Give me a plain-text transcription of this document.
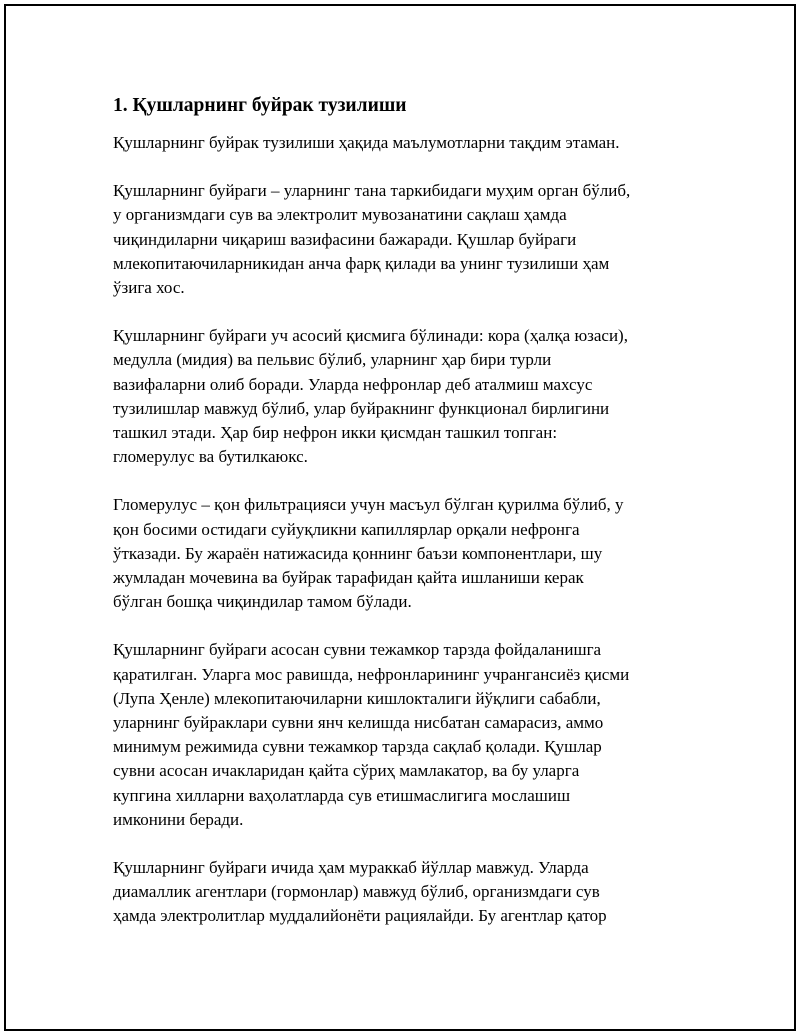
1. Қушларнинг буйрак тузилиши
Қушларнинг буйрак тузилиши ҳақида маълумотларни тақдим этаман.
Қушларнинг буйраги – уларнинг тана таркибидаги муҳим орган бўлиб,
у организмдаги сув ва электролит мувозанатини сақлаш ҳамда
чиқиндиларни чиқариш вазифасини бажаради. Қушлар буйраги
млекопитаючиларникидан анча фарқ қилади ва унинг тузилиши ҳам
ўзига хос.
Қушларнинг буйраги уч асосий қисмига бўлинади: кора (ҳалқа юзаси),
медулла (мидия) ва пельвис бўлиб, уларнинг ҳар бири турли
вазифаларни олиб боради. Уларда нефронлар деб аталмиш махсус
тузилишлар мавжуд бўлиб, улар буйракнинг функционал бирлигини
ташкил этади. Ҳар бир нефрон икки қисмдан ташкил топган:
гломерулус ва бутилкаюкс.
Гломерулус – қон фильтрацияси учун масъул бўлган қурилма бўлиб, у
қон босими остидаги суйуқликни капиллярлар орқали нефронга
ўтказади. Бу жараён натижасида қоннинг баъзи компонентлари, шу
жумладан мочевина ва буйрак тарафидан қайта ишланиши керак
бўлган бошқа чиқиндилар тамом бўлади.
Қушларнинг буйраги асосан сувни тежамкор тарзда фойдаланишга
қаратилган. Уларга мос равишда, нефронларининг учрангансиёз қисми
(Лупа Ҳенле) млекопитаючиларни кишлокталиги йўқлиги сабабли,
уларнинг буйраклари сувни янч келишда нисбатан самарасиз, аммо
минимум режимида сувни тежамкор тарзда сақлаб қолади. Қушлар
сувни асосан ичакларидан қайта сўриҳ мамлакатор, ва бу уларга
купгина хилларни ваҳолатларда сув етишмаслигига мослашиш
имконини беради.
Қушларнинг буйраги ичида ҳам мураккаб йўллар мавжуд. Уларда
диамаллик агентлари (гормонлар) мавжуд бўлиб, организмдаги сув
ҳамда электролитлар муддалийонёти рациялайди. Бу агентлар қатор
